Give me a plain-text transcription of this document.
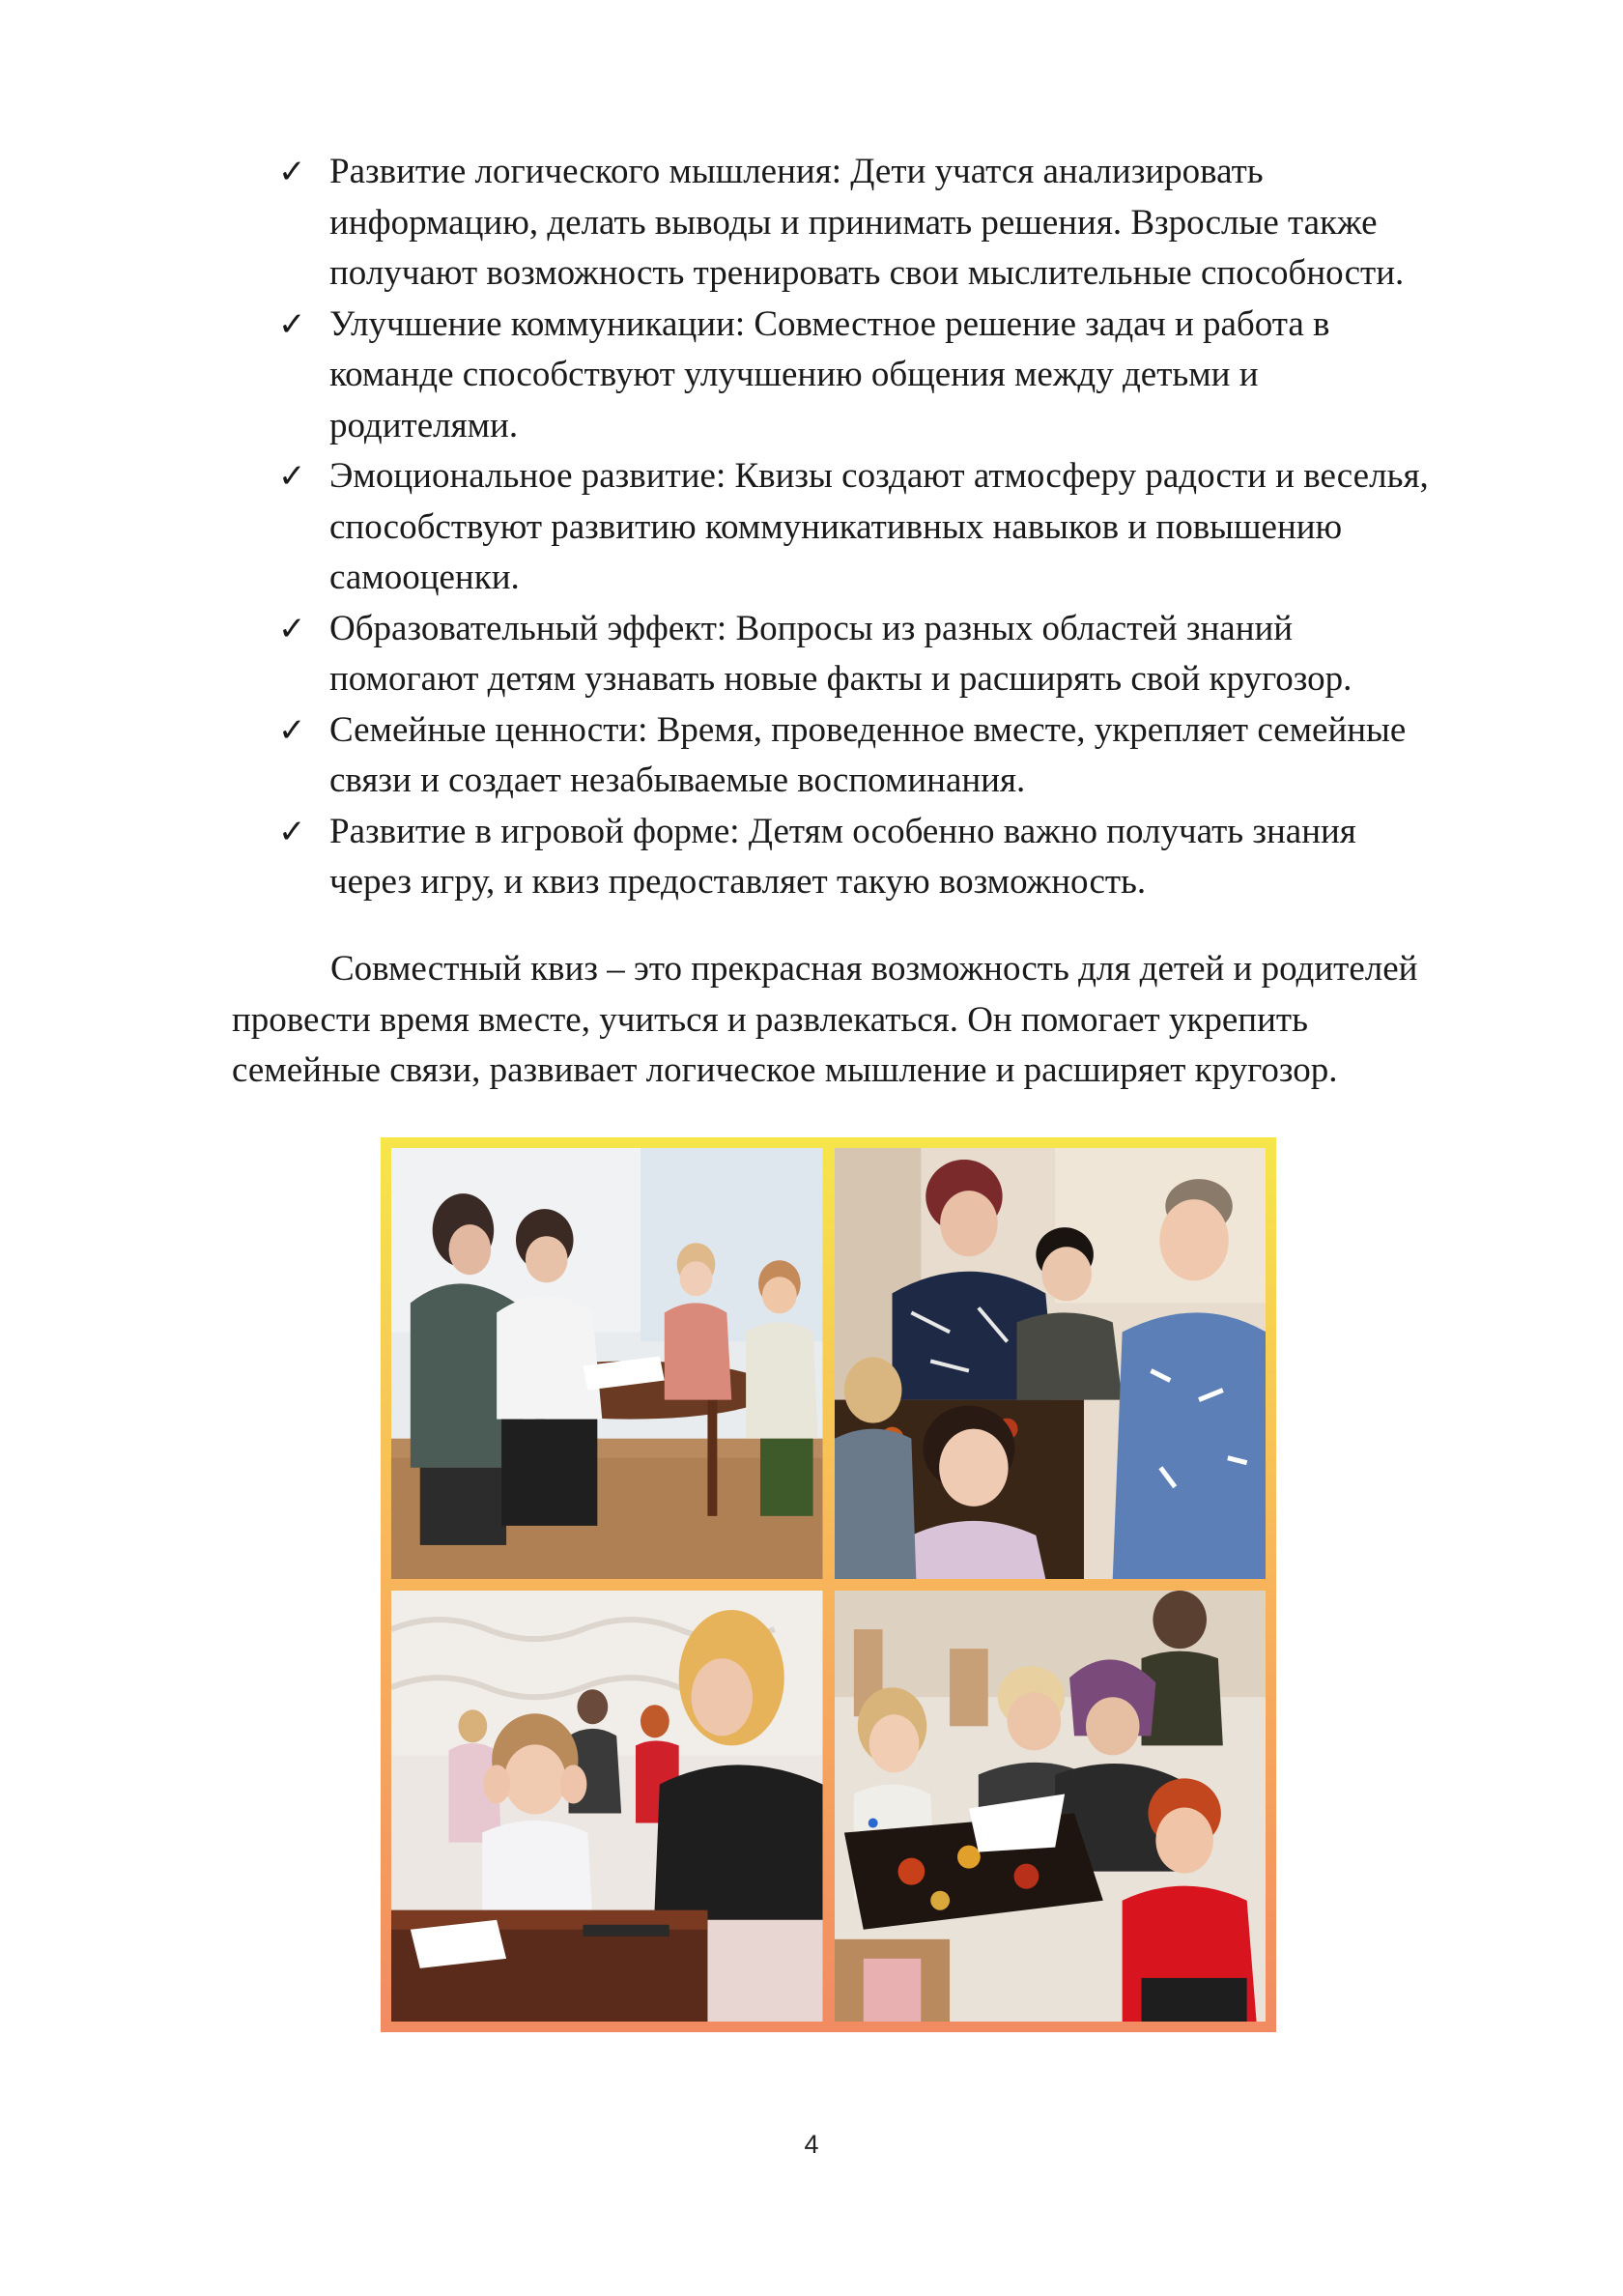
✓ Развитие логического мышления: Дети учатся анализировать
информацию, делать выводы и принимать решения. Взрослые также
получают возможность тренировать свои мыслительные способности.
✓ Улучшение коммуникации: Совместное решение задач и работа в
команде способствуют улучшению общения между детьми и
родителями.
✓ Эмоциональное развитие: Квизы создают атмосферу радости и веселья,
способствуют развитию коммуникативных навыков и повышению
самооценки.
✓ Образовательный эффект: Вопросы из разных областей знаний
помогают детям узнавать новые факты и расширять свой кругозор.
✓ Семейные ценности: Время, проведенное вместе, укрепляет семейные
связи и создает незабываемые воспоминания.
✓ Развитие в игровой форме: Детям особенно важно получать знания
через игру, и квиз предоставляет такую возможность.

Совместный квиз – это прекрасная возможность для детей и родителей
провести время вместе, учиться и развлекаться. Он помогает укрепить
семейные связи, развивает логическое мышление и расширяет кругозор.

4
